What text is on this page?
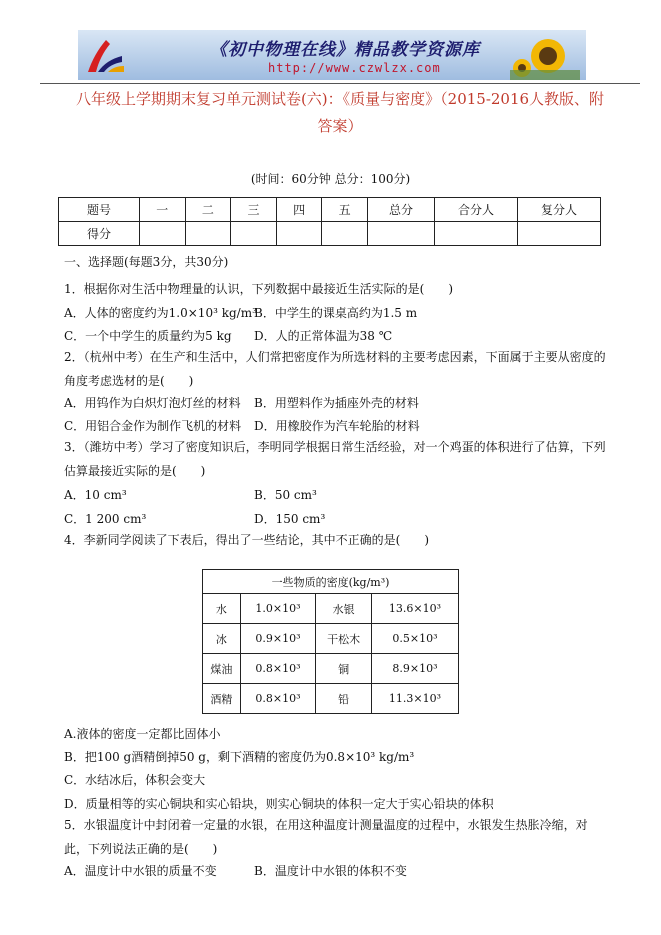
《初中物理在线》精品教学资源库
http://www.czwlzx.com
八年级上学期期末复习单元测试卷(六)：《质量与密度》（2015-2016人教版、附
答案）
(时间：60分钟 总分：100分)
题号	一	二	三	四	五	总分	合分人	复分人
得分								
一、选择题(每题3分，共30分)
1．根据你对生活中物理量的认识，下列数据中最接近生活实际的是(　　)
A．人体的密度约为1.0×10³ kg/m³
B．中学生的课桌高约为1.5 m
C．一个中学生的质量约为5 kg D．人的正常体温为38 ℃
2．（杭州中考）在生产和生活中，人们常把密度作为所选材料的主要考虑因素，下面属于主要从密度的角度考虑选材的是(　　)
A．用钨作为白炽灯泡灯丝的材料 B．用塑料作为插座外壳的材料
C．用铝合金作为制作飞机的材料 D．用橡胶作为汽车轮胎的材料
3．（潍坊中考）学习了密度知识后，李明同学根据日常生活经验，对一个鸡蛋的体积进行了估算，下列估算最接近实际的是(　　)
A．10 cm³	B．50 cm³
C．1 200 cm³	D．150 cm³
4．李新同学阅读了下表后，得出了一些结论，其中不正确的是(　　)
一些物质的密度(kg/m³)			
水	1.0×10³	水银	13.6×10³
冰	0.9×10³	干松木	0.5×10³
煤油	0.8×10³	铜	8.9×10³
酒精	0.8×10³	铅	11.3×10³
A.液体的密度一定都比固体小
B．把100 g酒精倒掉50 g，剩下酒精的密度仍为0.8×10³ kg/m³
C．水结冰后，体积会变大
D．质量相等的实心铜块和实心铅块，则实心铜块的体积一定大于实心铅块的体积
5．水银温度计中封闭着一定量的水银，在用这种温度计测量温度的过程中，水银发生热胀冷缩，对此，下列说法正确的是(　　)
A．温度计中水银的质量不变	B．温度计中水银的体积不变
